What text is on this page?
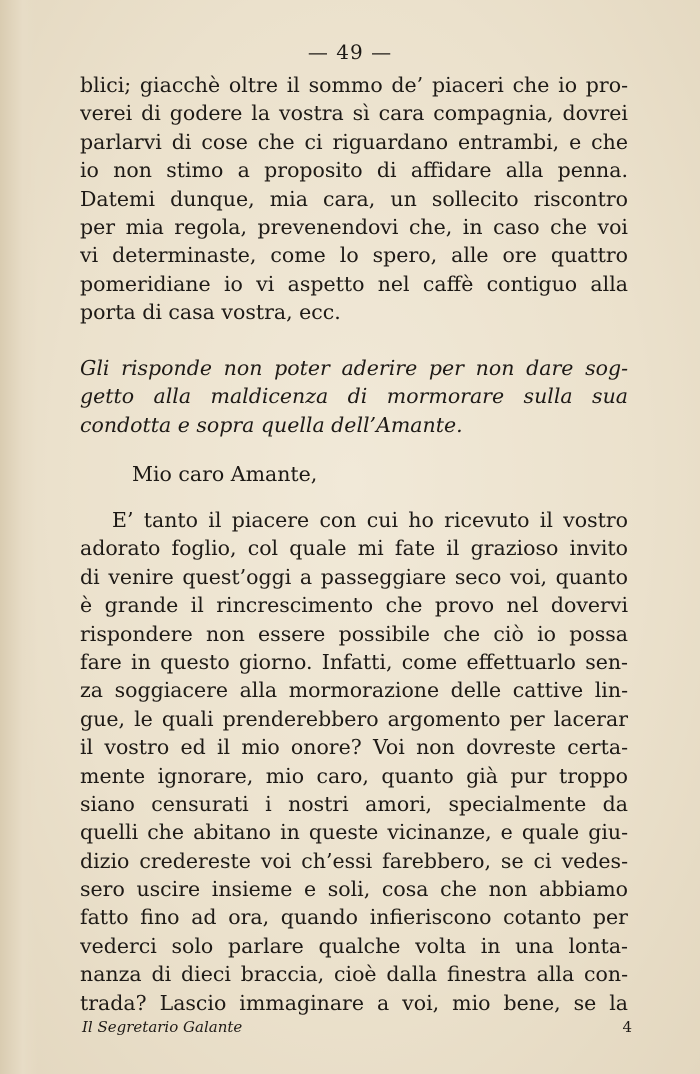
— 49 —
blici; giacchè oltre il sommo de’ piaceri che io pro-
verei di godere la vostra sì cara compagnia, dovrei
parlarvi di cose che ci riguardano entrambi, e che
io non stimo a proposito di affidare alla penna.
Datemi dunque, mia cara, un sollecito riscontro
per mia regola, prevenendovi che, in caso che voi
vi determinaste, come lo spero, alle ore quattro
pomeridiane io vi aspetto nel caffè contiguo alla
porta di casa vostra, ecc.
Gli risponde non poter aderire per non dare sog-
getto alla maldicenza di mormorare sulla sua
condotta e sopra quella dell’Amante.
Mio caro Amante,
E’ tanto il piacere con cui ho ricevuto il vostro
adorato foglio, col quale mi fate il grazioso invito
di venire quest’oggi a passeggiare seco voi, quanto
è grande il rincrescimento che provo nel dovervi
rispondere non essere possibile che ciò io possa
fare in questo giorno. Infatti, come effettuarlo sen-
za soggiacere alla mormorazione delle cattive lin-
gue, le quali prenderebbero argomento per lacerar
il vostro ed il mio onore? Voi non dovreste certa-
mente ignorare, mio caro, quanto già pur troppo
siano censurati i nostri amori, specialmente da
quelli che abitano in queste vicinanze, e quale giu-
dizio credereste voi ch’essi farebbero, se ci vedes-
sero uscire insieme e soli, cosa che non abbiamo
fatto fino ad ora, quando infieriscono cotanto per
vederci solo parlare qualche volta in una lonta-
nanza di dieci braccia, cioè dalla finestra alla con-
trada? Lascio immaginare a voi, mio bene, se la
Il Segretario Galante	4
